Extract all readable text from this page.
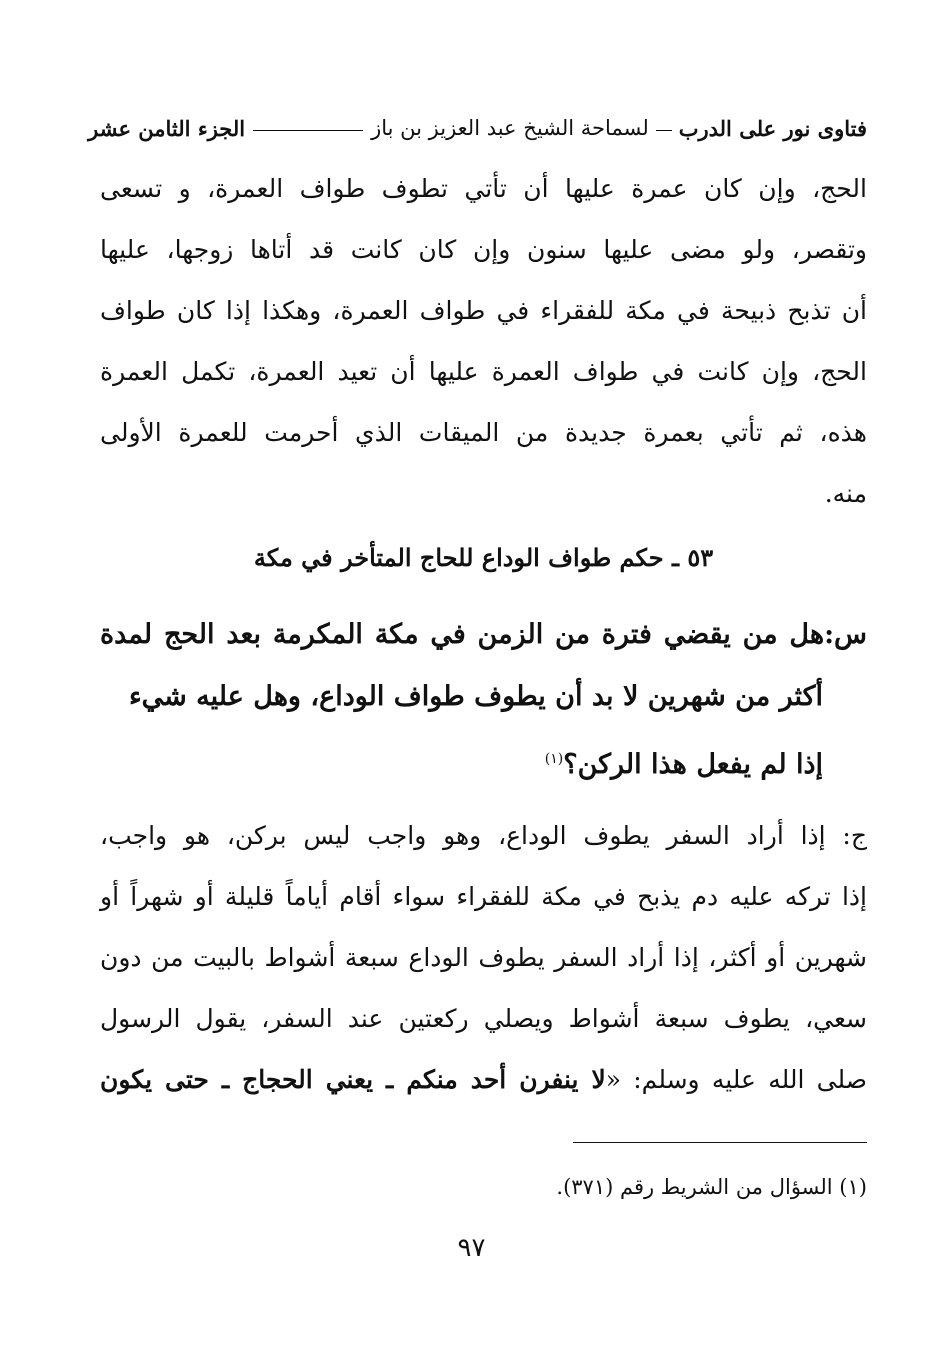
فتاوى نور على الدرب
لسماحة الشيخ عبد العزيز بن باز
الجزء الثامن عشر
الحج، وإن كان عمرة عليها أن تأتي تطوف طواف العمرة، و تسعى
وتقصر، ولو مضى عليها سنون وإن كان كانت قد أتاها زوجها، عليها
أن تذبح ذبيحة في مكة للفقراء في طواف العمرة، وهكذا إذا كان طواف
الحج، وإن كانت في طواف العمرة عليها أن تعيد العمرة، تكمل العمرة
هذه، ثم تأتي بعمرة جديدة من الميقات الذي أحرمت للعمرة الأولى
منه.
٥٣ ـ حكم طواف الوداع للحاج المتأخر في مكة
س:هل من يقضي فترة من الزمن في مكة المكرمة بعد الحج لمدة
أكثر من شهرين لا بد أن يطوف طواف الوداع، وهل عليه شيء
إذا لم يفعل هذا الركن؟$^{(١)}$
ج: إذا أراد السفر يطوف الوداع، وهو واجب ليس بركن، هو واجب،
إذا تركه عليه دم يذبح في مكة للفقراء سواء أقام أياماً قليلة أو شهراً أو
شهرين أو أكثر، إذا أراد السفر يطوف الوداع سبعة أشواط بالبيت من دون
سعي، يطوف سبعة أشواط ويصلي ركعتين عند السفر، يقول الرسول
صلى الله عليه وسلم: «لا ينفرن أحد منكم ـ يعني الحجاج ـ حتى يكون
(١) السؤال من الشريط رقم (٣٧١).
٩٧
